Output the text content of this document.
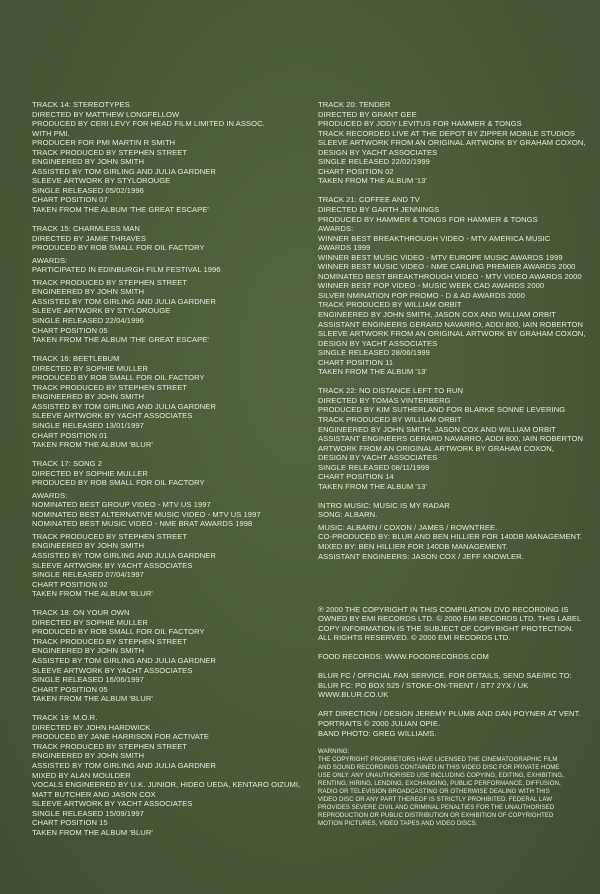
TRACK 14: STEREOTYPES
DIRECTED BY MATTHEW LONGFELLOW
PRODUCED BY CERI LEVY FOR HEAD FILM LIMITED IN ASSOC.
WITH PMI.
PRODUCER FOR PMI MARTIN R SMITH
TRACK PRODUCED BY STEPHEN STREET
ENGINEERED BY JOHN SMITH
ASSISTED BY TOM GIRLING AND JULIA GARDNER
SLEEVE ARTWORK BY STYLOROUGE
SINGLE RELEASED 05/02/1996
CHART POSITION 07
TAKEN FROM THE ALBUM 'THE GREAT ESCAPE'
TRACK 15: CHARMLESS MAN
DIRECTED BY JAMIE THRAVES
PRODUCED BY ROB SMALL FOR OIL FACTORY
AWARDS:
PARTICIPATED IN EDINBURGH FILM FESTIVAL 1996
TRACK PRODUCED BY STEPHEN STREET
ENGINEERED BY JOHN SMITH
ASSISTED BY TOM GIRLING AND JULIA GARDNER
SLEEVE ARTWORK BY STYLOROUGE
SINGLE RELEASED 22/04/1996
CHART POSITION 05
TAKEN FROM THE ALBUM 'THE GREAT ESCAPE'
TRACK 16: BEETLEBUM
DIRECTED BY SOPHIE MULLER
PRODUCED BY ROB SMALL FOR OIL FACTORY
TRACK PRODUCED BY STEPHEN STREET
ENGINEERED BY JOHN SMITH
ASSISTED BY TOM GIRLING AND JULIA GARDNER
SLEEVE ARTWORK BY YACHT ASSOCIATES
SINGLE RELEASED 13/01/1997
CHART POSITION 01
TAKEN FROM THE ALBUM 'BLUR'
TRACK 17: SONG 2
DIRECTED BY SOPHIE MULLER
PRODUCED BY ROB SMALL FOR OIL FACTORY
AWARDS:
NOMINATED BEST GROUP VIDEO - MTV US 1997
NOMINATED BEST ALTERNATIVE MUSIC VIDEO - MTV US 1997
NOMINATED BEST MUSIC VIDEO - NME BRAT AWARDS 1998
TRACK PRODUCED BY STEPHEN STREET
ENGINEERED BY JOHN SMITH
ASSISTED BY TOM GIRLING AND JULIA GARDNER
SLEEVE ARTWORK BY YACHT ASSOCIATES
SINGLE RELEASED 07/04/1997
CHART POSITION 02
TAKEN FROM THE ALBUM 'BLUR'
TRACK 18: ON YOUR OWN
DIRECTED BY SOPHIE MULLER
PRODUCED BY ROB SMALL FOR OIL FACTORY
TRACK PRODUCED BY STEPHEN STREET
ENGINEERED BY JOHN SMITH
ASSISTED BY TOM GIRLING AND JULIA GARDNER
SLEEVE ARTWORK BY YACHT ASSOCIATES
SINGLE RELEASED 16/06/1997
CHART POSITION 05
TAKEN FROM THE ALBUM 'BLUR'
TRACK 19: M.O.R.
DIRECTED BY JOHN HARDWICK
PRODUCED BY JANE HARRISON FOR ACTIVATE
TRACK PRODUCED BY STEPHEN STREET
ENGINEERED BY JOHN SMITH
ASSISTED BY TOM GIRLING AND JULIA GARDNER
MIXED BY ALAN MOULDER
VOCALS ENGINEERED BY U.K. JUNIOR, HIDEO UEDA, KENTARO OIZUMI,
MATT BUTCHER AND JASON COX
SLEEVE ARTWORK BY YACHT ASSOCIATES
SINGLE RELEASED 15/09/1997
CHART POSITION 15
TAKEN FROM THE ALBUM 'BLUR'
TRACK 20: TENDER
DIRECTED BY GRANT GEE
PRODUCED BY JODY LEVITUS FOR HAMMER & TONGS
TRACK RECORDED LIVE AT THE DEPOT BY ZIPPER MOBILE STUDIOS
SLEEVE ARTWORK FROM AN ORIGINAL ARTWORK BY GRAHAM COXON,
DESIGN BY YACHT ASSOCIATES
SINGLE RELEASED 22/02/1999
CHART POSITION 02
TAKEN FROM THE ALBUM '13'
TRACK 21: COFFEE AND TV
DIRECTED BY GARTH JENNINGS
PRODUCED BY HAMMER & TONGS FOR HAMMER & TONGS
AWARDS:
WINNER BEST BREAKTHROUGH VIDEO - MTV AMERICA MUSIC
AWARDS 1999
WINNER BEST MUSIC VIDEO - MTV EUROPE MUSIC AWARDS 1999
WINNER BEST MUSIC VIDEO - NME CARLING PREMIER AWARDS 2000
NOMINATED BEST BREAKTHROUGH VIDEO - MTV VIDEO AWARDS 2000
WINNER BEST POP VIDEO - MUSIC WEEK CAD AWARDS 2000
SILVER NMINATION POP PROMO - D & AD AWARDS 2000
TRACK PRODUCED BY WILLIAM ORBIT
ENGINEERED BY JOHN SMITH, JASON COX AND WILLIAM ORBIT
ASSISTANT ENGINEERS GERARD NAVARRO, ADDI 800, IAIN ROBERTON
SLEEVE ARTWORK FROM AN ORIGINAL ARTWORK BY GRAHAM COXON,
DESIGN BY YACHT ASSOCIATES
SINGLE RELEASED 28/06/1999
CHART POSITION 11
TAKEN FROM THE ALBUM '13'
TRACK 22: NO DISTANCE LEFT TO RUN
DIRECTED BY TOMAS VINTERBERG
PRODUCED BY KIM SUTHERLAND FOR BLARKE SONNE LEVERING
TRACK PRODUCED BY WILLIAM ORBIT
ENGINEERED BY JOHN SMITH, JASON COX AND WILLIAM ORBIT
ASSISTANT ENGINEERS GERARD NAVARRO, ADDI 800, IAIN ROBERTON
ARTWORK FROM AN ORIGINAL ARTWORK BY GRAHAM COXON,
DESIGN BY YACHT ASSOCIATES
SINGLE RELEASED 08/11/1999
CHART POSITION 14
TAKEN FROM THE ALBUM '13'
INTRO MUSIC: MUSIC IS MY RADAR
SONG: ALBARN.
MUSIC: ALBARN / COXON / JAMES / ROWNTREE.
CO-PRODUCED BY: BLUR AND BEN HILLIER FOR 140DB MANAGEMENT.
MIXED BY: BEN HILLIER FOR 140DB MANAGEMENT.
ASSISTANT ENGINEERS: JASON COX / JEFF KNOWLER.
℗ 2000 THE COPYRIGHT IN THIS COMPILATION DVD RECORDING IS
OWNED BY EMI RECORDS LTD. © 2000 EMI RECORDS LTD. THIS LABEL
COPY INFORMATION IS THE SUBJECT OF COPYRIGHT PROTECTION.
ALL RIGHTS RESERVED. © 2000 EMI RECORDS LTD.
FOOD RECORDS: WWW.FOODRECORDS.COM
BLUR FC / OFFICIAL FAN SERVICE. FOR DETAILS, SEND SAE/IRC TO:
BLUR FC: PO BOX 525 / STOKE-ON-TRENT / ST7 2YX / UK
WWW.BLUR.CO.UK
ART DIRECTION / DESIGN JEREMY PLUMB AND DAN POYNER AT VENT.
PORTRAITS © 2000 JULIAN OPIE.
BAND PHOTO: GREG WILLIAMS.
WARNING:
THE COPYRIGHT PROPRIETORS HAVE LICENSED THE CINEMATOGRAPHIC FILM
AND SOUND RECORDINGS CONTAINED IN THIS VIDEO DISC FOR PRIVATE HOME
USE ONLY. ANY UNAUTHORISED USE INCLUDING COPYING, EDITING, EXHIBITING,
RENTING, HIRING, LENDING, EXCHANGING, PUBLIC PERFORMANCE, DIFFUSION,
RADIO OR TELEVISION BROADCASTING OR OTHERWISE DEALING WITH THIS
VIDEO DISC OR ANY PART THEREOF IS STRICTLY PROHIBITED. FEDERAL LAW
PROVIDES SEVERE CIVIL AND CRIMINAL PENALTIES FOR THE UNAUTHORISED
REPRODUCTION OR PUBLIC DISTRIBUTION OR EXHIBITION OF COPYRIGHTED
MOTION PICTURES, VIDEO TAPES AND VIDEO DISCS.
